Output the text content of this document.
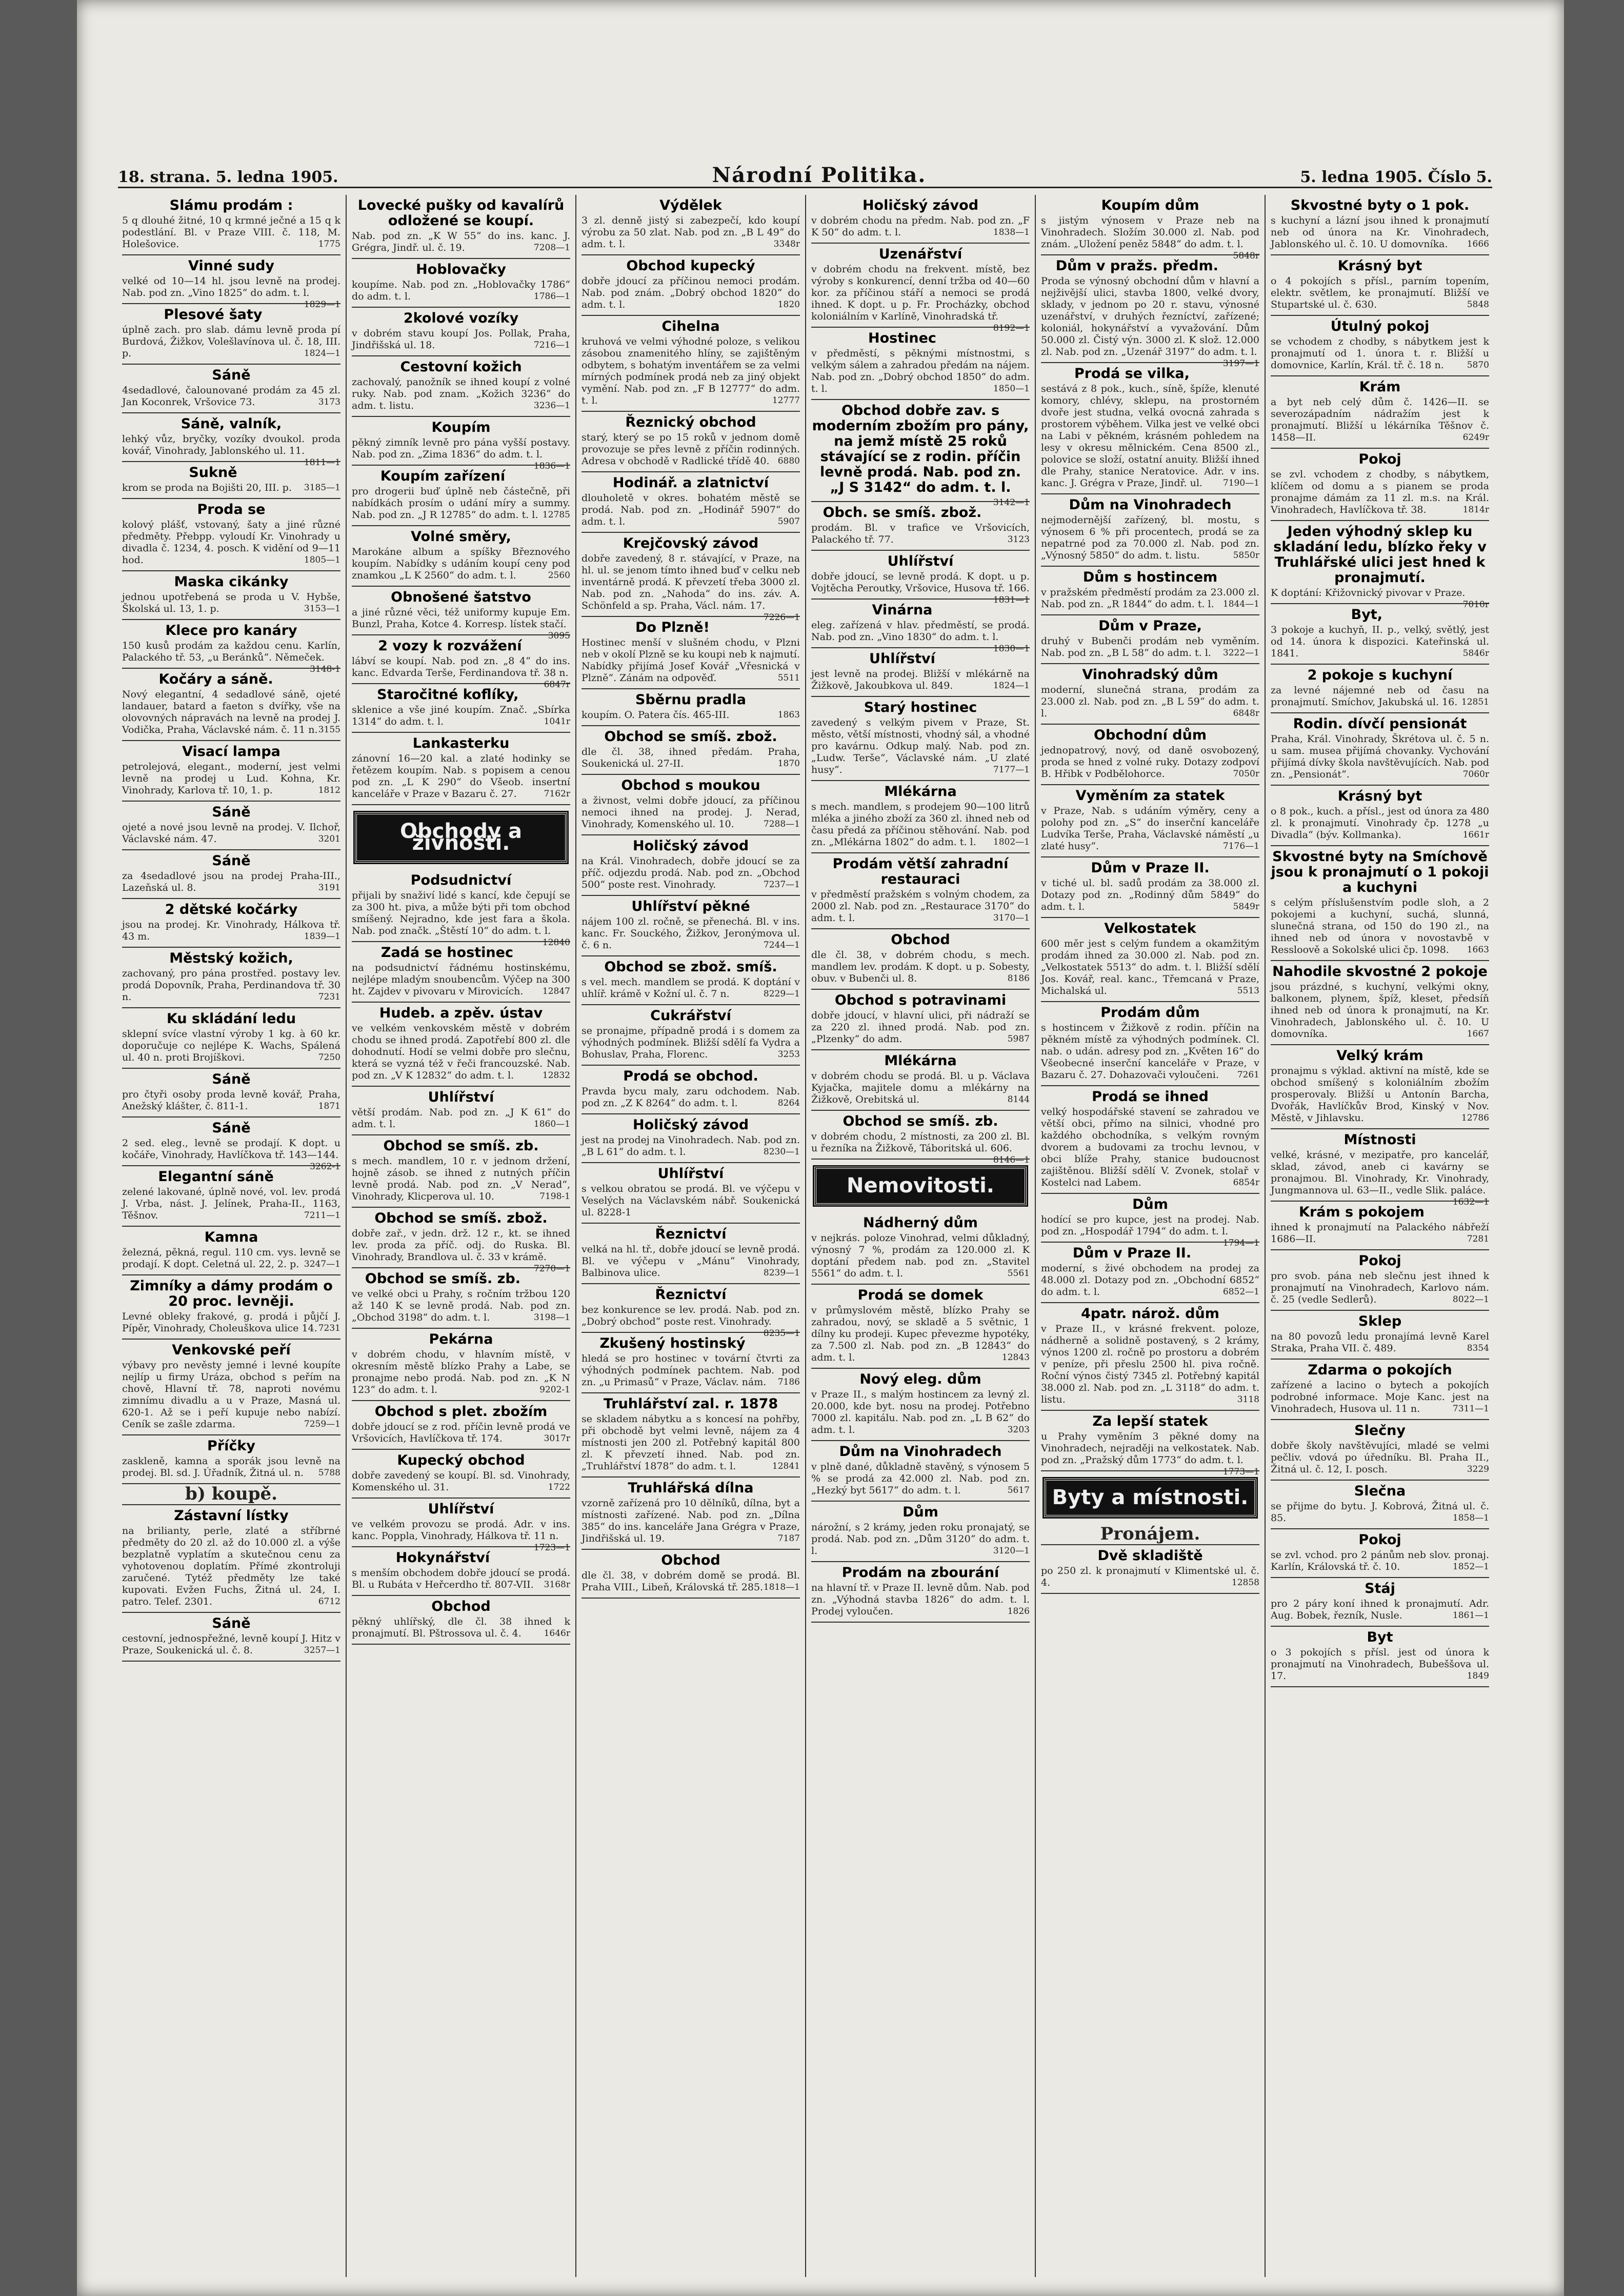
18. strana. 5. ledna 1905.	Národní Politika.	5. ledna 1905. Číslo 5.
Slámu prodám :

5 q dlouhé žitné, 10 q krmné ječné a 15 q k podestlání. Bl. v Praze VIII. č. 118, M. Holešovice.	1775

Vinné sudy

velké od 10—14 hl. jsou levně na prodej. Nab. pod zn. „Vino 1825“ do adm. t. l.
1829—1

Plesové šaty

úplně zach. pro slab. dámu levně proda pí Burdová, Žižkov, Volešlavínova ul. č. 18, III. p.	1824—1

Sáně

4sedadlové, čalounované prodám za 45 zl. Jan Koconrek, Vršovice 73.	3173

Sáně, valník,

lehký vůz, bryčky, vozíky dvoukol. proda kovář, Vinohrady, Jablonského ul. 11.
1811—1

Sukně

krom se proda na Bojišti 20, III. p. 3185—1

Proda se

kolový plášť, vstovaný, šaty a jiné různé předměty. Přebpp. vyloudí Kr. Vinohrady u divadla č. 1234, 4. posch. K vidění od 9—11 hod.	1805—1

Maska cikánky

jednou upotřebená se proda u V. Hybše, Školská ul. 13, 1. p.	3153—1

Klece pro kanáry

150 kusů prodám za každou cenu. Karlín, Palackého tř. 53, „u Beránků“. Němeček.
3148-1

Kočáry a sáně.

Nový elegantní, 4 sedadlové sáně, ojeté landauer, batard a faeton s dvířky, vše na olovovných nápravách na levně na prodej J. Vodička, Praha, Václavské nám. č. 11 n. 3155

Visací lampa

petrolejová, elegant., moderní, jest velmi levně na prodej u Lud. Kohna, Kr. Vinohrady, Karlova tř. 10, 1. p.	1812

Sáně

ojeté a nové jsou levně na prodej. V. Ilchoř, Václavské nám. 47.	3201

Sáně

za 4sedadlové jsou na prodej Praha-III., Lazeňská ul. 8.	3191

2 dětské kočárky

jsou na prodej. Kr. Vinohrady, Hálkova tř. 43 m.	1839—1

Městský kožich,

zachovaný, pro pána prostřed. postavy lev. prodá Dopovník, Praha, Perdinandova tř. 30 n.	7231

Ku skládání ledu

sklepní svíce vlastní výroby 1 kg. à 60 kr. doporučuje co nejlépe K. Wachs, Spálená ul. 40 n. proti Brojíškovi.	7250

Sáně

pro čtyři osoby proda levně kovář, Praha, Anežský klášter, č. 811-1.	1871

Sáně

2 sed. eleg., levně se prodají. K dopt. u kočáře, Vinohrady, Havlíčkova tř. 143—144.
3262-1

Elegantní sáně

zelené lakované, úplně nové, vol. lev. prodá J. Vrba, nást. J. Jelínek, Praha-II., 1163, Těšnov.	7211—1

Kamna

železná, pěkná, regul. 110 cm. vys. levně se prodají. K dopt. Celetná ul. 22, 2. p. 3247—1

Zimníky a dámy prodám o 20 proc. levněji.

Levné obleky frakové, g. prodá i půjčí J. Pípěr, Vinohrady, Choleuškova ulice 14. 7231

Venkovské peří

výbavy pro nevěsty jemné i levné koupíte nejlíp u firmy Uráza, obchod s peřím na chově, Hlavní tř. 78, naproti novému zimnímu divadlu a u v Praze, Masná ul. 620-1. Až se i peří kupuje nebo nabízí. Ceník se zašle zdarma.	7259—1

Příčky

zaskleně, kamna a sporák jsou levně na prodej. Bl. sd. J. Úřadník, Žitná ul. n. 5788

b) koupě.
Zástavní lístky

na brilianty, perle, zlaté a stříbrné předměty do 20 zl. až do 10.000 zl. a výše bezplatně vyplatím a skutečnou cenu za vyhotovenou doplatím. Přímé zkontroluji zaručené. Tytéž předměty lze také kupovati. Evžen Fuchs, Žitná ul. 24, I. patro. Telef. 2301.	6712

Sáně

cestovní, jednospřežné, levně koupí J. Hitz v Praze, Soukenická ul. č. 8.	3257—1

Lovecké pušky od kavalírů odložené se koupí.

Nab. pod zn. „K W 55“ do ins. kanc. J. Grégra, Jindř. ul. č. 19.	7208—1

Hoblovačky

koupíme. Nab. pod zn. „Hoblovačky 1786“ do adm. t. l.	1786—1

2kolové vozíky

v dobrém stavu koupí Jos. Pollak, Praha, Jindřišská ul. 18.	7216—1

Cestovní kožich

zachovalý, panožník se ihned koupí z volné ruky. Nab. pod znam. „Kožich 3236“ do adm. t. listu.	3236—1

Koupím

pěkný zimník levně pro pána vyšší postavy. Nab. pod zn. „Zima 1836“ do adm. t. l.
1836—1

Koupím zařízení

pro drogerii buď úplně neb částečně, při nabídkách prosím o udání míry a summy. Nab. pod zn. „J R 12785“ do adm. t. l. 12785

Volné směry,

Marokáne album a spíšky Březnového koupím. Nabídky s udáním koupí ceny pod znamkou „L K 2560“ do adm. t. l.	2560

Obnošené šatstvo

a jiné různé věci, též uniformy kupuje Em. Bunzl, Praha, Kotce 4. Korresp. lístek stačí.
3095

2 vozy k rozvážení

lábví se koupí. Nab. pod zn. „8 4“ do ins. kanc. Edvarda Terše, Ferdinandova tř. 38 n.
6847r

Staročitné koflíky,

sklenice a vše jiné koupím. Znač. „Sbírka 1314“ do adm. t. l.	1041r

Lankasterku

zánovní 16—20 kal. a zlaté hodinky se řetězem koupím. Nab. s popisem a cenou pod zn. „L K 290“ do Všeob. insertní kanceláře v Praze v Bazaru č. 27.	7162r

Obchody a živnosti.
Podsudnictví

přijali by snaživí lidé s kancí, kde čepují se za 300 ht. piva, a může býti při tom obchod smíšený. Nejradno, kde jest fara a škola. Nab. pod značk. „Štěstí 10“ do adm. t. l.
12840

Zadá se hostinec

na podsudnictví řádnému hostinskému, nejlépe mladým snoubencům. Výčep na 300 ht. Zajdev v pivovaru v Mirovicích. 12847

Hudeb. a zpěv. ústav

ve velkém venkovském městě v dobrém chodu se ihned prodá. Zapotřebí 800 zl. dle dohodnutí. Hodí se velmi dobře pro slečnu, která se vyzná též v řeči francouzské. Nab. pod zn. „V K 12832“ do adm. t. l.	12832

Uhlířství

větší prodám. Nab. pod zn. „J K 61“ do adm. t. l.	1860—1

Obchod se smíš. zb.

s mech. mandlem, 10 r. v jednom držení, hojně zásob. se ihned z nutných příčin levně prodá. Nab. pod zn. „V Nerad“, Vinohrady, Klicperova ul. 10.	7198-1

Obchod se smíš. zbož.

dobře zař., v jedn. drž. 12 r., kt. se ihned lev. proda za příč. odj. do Ruska. Bl. Vinohrady, Brandlova ul. č. 33 v krámě.
7270—1

Obchod se smíš. zb.

ve velké obci u Prahy, s ročním tržbou 120 až 140 K se levně prodá. Nab. pod zn. „Obchod 3198“ do adm. t. l.	3198—1

Pekárna

v dobrém chodu, v hlavním místě, v okresním městě blízko Prahy a Labe, se pronajme nebo prodá. Nab. pod zn. „K N 123“ do adm. t. l.	9202-1

Obchod s plet. zbožím

dobře jdoucí se z rod. příčin levně prodá ve Vršovicích, Havlíčkova tř. 174.	3017r

Kupecký obchod

dobře zavedený se koupí. Bl. sd. Vinohrady, Komenského ul. 31.	1722

Uhlířství

ve velkém provozu se prodá. Adr. v ins. kanc. Poppla, Vinohrady, Hálkova tř. 11 n.
1723—1

Hokynářství

s menším obchodem dobře jdoucí se prodá. Bl. u Rubáta v Heřcerdho tř. 807-VII. 3168r

Obchod

pěkný uhlířský, dle čl. 38 ihned k pronajmutí. Bl. Pštrossova ul. č. 4.	1646r

Výdělek

3 zl. denně jistý si zabezpečí, kdo koupí výrobu za 50 zlat. Nab. pod zn. „B L 49“ do adm. t. l.	3348r

Obchod kupecký

dobře jdoucí za příčinou nemoci prodám. Nab. pod znám. „Dobrý obchod 1820“ do adm. t. l.	1820

Cihelna

kruhová ve velmi výhodné poloze, s velikou zásobou znamenitého hlíny, se zajištěným odbytem, s bohatým inventářem se za velmi mírných podmínek prodá neb za jiný objekt vymění. Nab. pod zn. „F B 12777“ do adm. t. l.	12777

Řeznický obchod

starý, který se po 15 roků v jednom domě provozuje se přes levně z příčin rodinných. Adresa v obchodě v Radlické třídě 40. 6880

Hodinář. a zlatnictví

dlouholetě v okres. bohatém městě se prodá. Nab. pod zn. „Hodinář 5907“ do adm. t. l.	5907

Krejčovský závod

dobře zavedený, 8 r. stávající, v Praze, na hl. ul. se jenom tímto ihned buď v celku neb inventárně prodá. K převzetí třeba 3000 zl. Nab. pod zn. „Nahoda“ do ins. záv. A. Schönfeld a sp. Praha, Václ. nám. 17.
7226—1

Do Plzně!

Hostinec menší v slušném chodu, v Plzni neb v okolí Plzně se ku koupi neb k najmutí. Nabídky přijímá Josef Kovář „Vřesnická v Plzně“. Zánám na odpověď.	5511

Sběrnu pradla

koupím. O. Patera čís. 465-III.	1863

Obchod se smíš. zbož.

dle čl. 38, ihned předám. Praha, Soukenická ul. 27-II.	1870

Obchod s moukou

a živnost, velmi dobře jdoucí, za příčinou nemoci ihned na prodej. J. Nerad, Vinohrady, Komenského ul. 10.	7288—1

Holičský závod

na Král. Vinohradech, dobře jdoucí se za příč. odjezdu prodá. Nab. pod zn. „Obchod 500“ poste rest. Vinohrady.	7237—1

Uhlířství pěkné

nájem 100 zl. ročně, se přenechá. Bl. v ins. kanc. Fr. Souckého, Žižkov, Jeronýmova ul. č. 6 n.	7244—1

Obchod se zbož. smíš.

s vel. mech. mandlem se prodá. K doptání v uhlíř. krámě v Kožní ul. č. 7 n.	8229—1

Cukrářství

se pronajme, případně prodá i s domem za výhodných podmínek. Bližší sdělí fa Vydra a Bohuslav, Praha, Florenc.	3253

Prodá se obchod.

Pravda bycu maly, zaru odchodem. Nab. pod zn. „Z K 8264“ do adm. t. l.	8264

Holičský závod

jest na prodej na Vinohradech. Nab. pod zn. „B L 61“ do adm. t. l.	8230—1

Uhlířství

s velkou obratou se prodá. Bl. ve výčepu v Veselých na Václavském nábř. Soukenická ul. 8228-1

Řeznictví

velká na hl. tř., dobře jdoucí se levně prodá. Bl. ve výčepu v „Mánu“ Vinohrady, Balbinova ulice.	8239—1

Řeznictví

bez konkurence se lev. prodá. Nab. pod zn. „Dobrý obchod“ poste rest. Vinohrady.
8235—1

Zkušený hostinský

hledá se pro hostinec v tovární čtvrti za výhodných podmínek pachtem. Nab. pod zn. „u Primasů“ v Praze, Václav. nám. 7186

Truhlářství zal. r. 1878

se skladem nábytku a s koncesí na pohřby, při obchodě byt velmi levně, nájem za 4 místnosti jen 200 zl. Potřebný kapitál 800 zl. K převzetí ihned. Nab. pod zn. „Truhlářství 1878“ do adm. t. l.	12841

Truhlářská dílna

vzorně zařízená pro 10 dělníků, dílna, byt a místnosti zařízené. Nab. pod zn. „Dílna 385“ do ins. kanceláře Jana Grégra v Praze, Jindřišská ul. 19.	7187

Obchod

dle čl. 38, v dobrém domě se prodá. Bl. Praha VIII., Libeň, Královská tř. 285. 1818—1

Holičský závod

v dobrém chodu na předm. Nab. pod zn. „F K 50“ do adm. t. l.	1838—1

Uzenářství

v dobrém chodu na frekvent. místě, bez výroby s konkurencí, denní tržba od 40—60 kor. za příčinou stáří a nemoci se prodá ihned. K dopt. u p. Fr. Procházky, obchod koloniálním v Karlíně, Vinohradská tř.
8192—1

Hostinec

v předměstí, s pěknými místnostmi, s velkým sálem a zahradou předám na nájem. Nab. pod zn. „Dobrý obchod 1850“ do adm. t. l.	1850—1

Obchod dobře zav. s moderním zbožím pro pány, na jemž místě 25 roků stávající se z rodin. příčin levně prodá. Nab. pod zn. „J S 3142“ do adm. t. l.

3142—1

Obch. se smíš. zbož.

prodám. Bl. v trafice ve Vršovicích, Palackého tř. 77.	3123

Uhlířství

dobře jdoucí, se levně prodá. K dopt. u p. Vojtěcha Peroutky, Vršovice, Husova tř. 166.
1831—1

Vinárna

eleg. zařízená v hlav. předměstí, se prodá. Nab. pod zn. „Vino 1830“ do adm. t. l.
1830—1

Uhlířství

jest levně na prodej. Bližší v mlékárně na Žižkově, Jakoubkova ul. 849.	1824—1

Starý hostinec

zavedený s velkým pivem v Praze, St. město, větší místnosti, vhodný sál, a vhodné pro kavárnu. Odkup malý. Nab. pod zn. „Ludw. Terše“, Václavské nám. „U zlaté husy“.	7177—1

Mlékárna

s mech. mandlem, s prodejem 90—100 litrů mléka a jiného zboží za 360 zl. ihned neb od času předá za příčinou stěhování. Nab. pod zn. „Mlékárna 1802“ do adm. t. l. 1802—1

Prodám větší zahradní restauraci

v předměstí pražském s volným chodem, za 2000 zl. Nab. pod zn. „Restaurace 3170“ do adm. t. l.	3170—1

Obchod

dle čl. 38, v dobrém chodu, s mech. mandlem lev. prodám. K dopt. u p. Sobesty, obuv. v Bubenči ul. 8.	8186

Obchod s potravinami

dobře jdoucí, v hlavní ulici, při nádraží se za 220 zl. ihned prodá. Nab. pod zn. „Plzenky“ do adm.	5987

Mlékárna

v dobrém chodu se prodá. Bl. u p. Václava Kyjačka, majitele domu a mlékárny na Žižkově, Orebitská ul.	8144

Obchod se smíš. zb.

v dobrém chodu, 2 místnosti, za 200 zl. Bl. u řezníka na Žižkově, Táboritská ul. 606.
8146—1

Nemovitosti.
Nádherný dům

v nejkrás. poloze Vinohrad, velmi důkladný, výnosný 7 %, prodám za 120.000 zl. K doptání předem nab. pod zn. „Stavitel 5561“ do adm. t. l.	5561

Prodá se domek

v průmyslovém městě, blízko Prahy se zahradou, nový, se skladě a 5 světnic, 1 dílny ku prodeji. Kupec převezme hypotéky, za 7.500 zl. Nab. pod zn. „B 12843“ do adm. t. l.	12843

Nový eleg. dům

v Praze II., s malým hostincem za levný zl. 20.000, kde byt. nosu na prodej. Potřebno 7000 zl. kapitálu. Nab. pod zn. „L B 62“ do adm. t. l.	3203

Dům na Vinohradech

v plně dané, důkladně stavěný, s výnosem 5 % se prodá za 42.000 zl. Nab. pod zn. „Hezký byt 5617“ do adm. t. l.	5617

Dům

nárožní, s 2 krámy, jeden roku pronajatý, se prodá. Nab. pod zn. „Dům 3120“ do adm. t. l.	3120—1

Prodám na zbourání

na hlavní tř. v Praze II. levně dům. Nab. pod zn. „Výhodná stavba 1826“ do adm. t. l. Prodej vyloučen.	1826

Koupím dům

s jistým výnosem v Praze neb na Vinohradech. Složím 30.000 zl. Nab. pod znám. „Uložení peněz 5848“ do adm. t. l.
5848r

Dům v pražs. předm.

Proda se výnosný obchodní dům v hlavní a nejživější ulici, stavba 1800, velké dvory, sklady, v jednom po 20 r. stavu, výnosné uzenářství, v druhých řezníctví, zařízené; koloniál, hokynářství a vyvažování. Dům 50.000 zl. Čistý výn. 3000 zl. K slož. 12.000 zl. Nab. pod zn. „Uzenář 3197“ do adm. t. l.
3197—1

Prodá se vilka,

sestává z 8 pok., kuch., síně, špíže, klenuté komory, chlévy, sklepu, na prostorném dvoře jest studna, velká ovocná zahrada s prostorem výběhem. Vilka jest ve velké obci na Labi v pěkném, krásném pohledem na lesy v okresu mělnickém. Cena 8500 zl., polovice se složí, ostatní anuity. Bližší ihned dle Prahy, stanice Neratovice. Adr. v ins. kanc. J. Grégra v Praze, Jindř. ul. 7190—1

Dům na Vinohradech

nejmodernější zařízený, bl. mostu, s výnosem 6 % při procentech, prodá se za nepatrné pod za 70.000 zl. Nab. pod zn. „Výnosný 5850“ do adm. t. listu.	5850r

Dům s hostincem

v pražském předměstí prodám za 23.000 zl. Nab. pod zn. „R 1844“ do adm. t. l. 1844—1

Dům v Praze,

druhý v Bubenči prodám neb vyměním. Nab. pod zn. „B L 58“ do adm. t. l. 3222—1

Vinohradský dům

moderní, slunečná strana, prodám za 23.000 zl. Nab. pod zn. „B L 59“ do adm. t. l.	6848r

Obchodní dům

jednopatrový, nový, od daně osvobozený, proda se hned z volné ruky. Dotazy zodpoví B. Hřibk v Podbělohorce.	7050r

Vyměním za statek

v Praze, Nab. s udáním výměry, ceny a polohy pod zn. „S“ do inserční kanceláře Ludvíka Terše, Praha, Václavské náměstí „u zlaté husy“.	7176—1

Dům v Praze II.

v tiché ul. bl. sadů prodám za 38.000 zl. Dotazy pod zn. „Rodinný dům 5849“ do adm. t. l.	5849r

Velkostatek

600 měr jest s celým fundem a okamžitým prodám ihned za 30.000 zl. Nab. pod zn. „Velkostatek 5513“ do adm. t. l. Bližší sdělí Jos. Kovář, real. kanc., Třemcaná v Praze, Michalská ul.	5513

Prodám dům

s hostincem v Žižkově z rodin. příčin na pěkném místě za výhodných podmínek. Cl. nab. o udán. adresy pod zn. „Květen 16“ do Všeobecné inserční kanceláře v Praze, v Bazaru č. 27. Dohazovači vyloučeni. 7261

Prodá se ihned

velký hospodářské stavení se zahradou ve větší obci, přímo na silnici, vhodné pro každého obchodníka, s velkým rovným dvorem a budovami za trochu levnou, v obci blíže Prahy, stanice budoucnost zajištěnou. Bližší sdělí V. Zvonek, stolař v Kostelci nad Labem.	6854r

Dům

hodící se pro kupce, jest na prodej. Nab. pod zn. „Hospodář 1794“ do adm. t. l.
1794—1

Dům v Praze II.

moderní, s živé obchodem na prodej za 48.000 zl. Dotazy pod zn. „Obchodní 6852“ do adm. t. l.	6852—1

4patr. nárož. dům

v Praze II., v krásné frekvent. poloze, nádherně a solidně postavený, s 2 krámy, výnos 1200 zl. ročně po prostoru a dobrém v peníze, při přeslu 2500 hl. piva ročně. Roční výnos čistý 7345 zl. Potřebný kapitál 38.000 zl. Nab. pod zn. „L 3118“ do adm. t. listu.	3118

Za lepší statek

u Prahy vyměním 3 pěkné domy na Vinohradech, nejraději na velkostatek. Nab. pod zn. „Pražský dům 1773“ do adm. t. l.
1773—1

Byty a místnosti.
Pronájem.
Dvě skladiště

po 250 zl. k pronajmutí v Klimentské ul. č. 4.	12858

Skvostné byty o 1 pok.

s kuchyní a lázní jsou ihned k pronajmutí neb od února na Kr. Vinohradech, Jablonského ul. č. 10. U domovníka. 1666

Krásný byt

o 4 pokojích s přísl., parním topením, elektr. světlem, ke pronajmutí. Bližší ve Stupartské ul. č. 630.	5848

Útulný pokoj

se vchodem z chodby, s nábytkem jest k pronajmutí od 1. února t. r. Bližší u domovnice, Karlín, Král. tř. č. 18 n.	5870

Krám

a byt neb celý dům č. 1426—II. se severozápadním nádražím jest k pronajmutí. Bližší u lékárníka Těšnov č. 1458—II.	6249r

Pokoj

se zvl. vchodem z chodby, s nábytkem, klíčem od domu a s pianem se proda pronajme dámám za 11 zl. m.s. na Král. Vinohradech, Havlíčkova tř. 38.	1814r

Jeden výhodný sklep ku skladání ledu, blízko řeky v Truhlářské ulici jest hned k pronajmutí.

K doptání: Křižovnický pivovar v Praze.
7010r

Byt,

3 pokoje a kuchyň, II. p., velký, světlý, jest od 14. února k dispozici. Kateřinská ul. 1841.	5846r

2 pokoje s kuchyní

za levné nájemné neb od času na pronajmutí. Smíchov, Jakubská ul. 16. 12851

Rodin. dívčí pensionát

Praha, Král. Vinohrady, Škrétova ul. č. 5 n. u sam. musea přijímá chovanky. Vychování přijímá dívky škola navštěvujících. Nab. pod zn. „Pensionát“.	7060r

Krásný byt

o 8 pok., kuch. a přísl., jest od února za 480 zl. k pronajmutí. Vinohrady čp. 1278 „u Divadla“ (býv. Kollmanka).	1661r

Skvostné byty na Smíchově jsou k pronajmutí o 1 pokoji a kuchyni

s celým příslušenstvím podle sloh, a 2 pokojemi a kuchyní, suchá, slunná, slunečná strana, od 150 do 190 zl., na ihned neb od února v novostavbě v Ressloově a Sokolské ulici čp. 1098. 1663

Nahodile skvostné 2 pokoje

jsou prázdné, s kuchyní, velkými okny, balkonem, plynem, špíž, kleset, předsíň ihned neb od února k pronajmutí, na Kr. Vinohradech, Jablonského ul. č. 10. U domovníka.	1667

Velký krám

pronajmu s výklad. aktivní na místě, kde se obchod smíšený s koloniálním zbožím prosperovaly. Bližší u Antonín Barcha, Dvořák, Havlíčkův Brod, Kinský v Nov. Městě, v Jihlavsku.	12786

Místnosti

velké, krásné, v mezipatře, pro kancelář, sklad, závod, aneb ci kavárny se pronajmou. Bl. Vinohrady, Kr. Vinohrady, Jungmannova ul. 63—II., vedle Slik. paláce.
1632—1

Krám s pokojem

ihned k pronajmutí na Palackého nábřeží 1686—II.	7281

Pokoj

pro svob. pána neb slečnu jest ihned k pronajmutí na Vinohradech, Karlovo nám. č. 25 (vedle Sedlerů).	8022—1

Sklep

na 80 povozů ledu pronajímá levně Karel Straka, Praha VII. č. 489.	8354

Zdarma o pokojích

zařízené a lacino o bytech a pokojích podrobné informace. Moje Kanc. jest na Vinohradech, Husova ul. 11 n.	7311—1

Slečny

dobře školy navštěvujíci, mladé se velmi pečliv. vdová po úředníku. Bl. Praha II., Žitná ul. č. 12, I. posch.	3229

Slečna

se přijme do bytu. J. Kobrová, Žitná ul. č. 85.	1858—1

Pokoj

se zvl. vchod. pro 2 pánům neb slov. pronaj. Karlín, Královská tř. č. 10.	1852—1

Stáj

pro 2 páry koní ihned k pronajmutí. Adr. Aug. Bobek, řezník, Nusle.	1861—1

Byt

o 3 pokojích s přísl. jest od února k pronajmutí na Vinohradech, Bubeššova ul. 17.	1849
